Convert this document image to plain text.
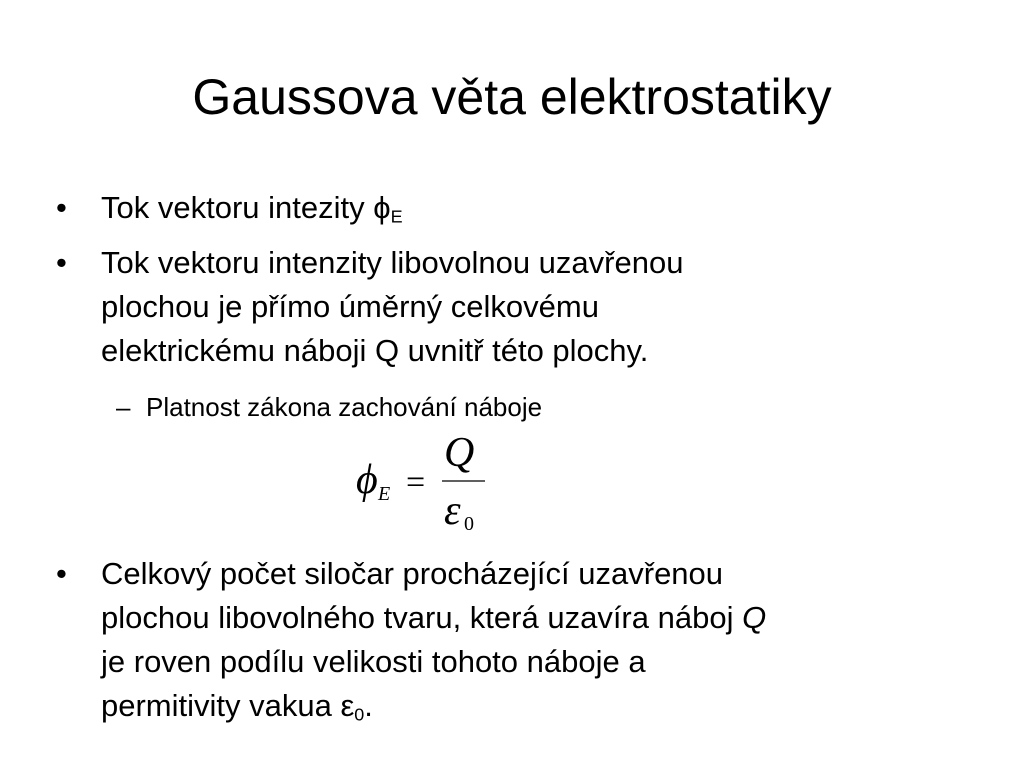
Gaussova věta elektrostatiky
•	Tok vektoru intezity $\phi_E$
•	Tok vektoru intenzity libovolnou uzavřenou
plochou je přímo úměrný celkovému
elektrickému náboji Q uvnitř této plochy.
– Platnost zákona zachování náboje
ϕ E =
Q
ε 0
•	Celkový počet siločar procházející uzavřenou
plochou libovolného tvaru, která uzavíra náboj Q
je roven podílu velikosti tohoto náboje a
permitivity vakua $\varepsilon_0$.
